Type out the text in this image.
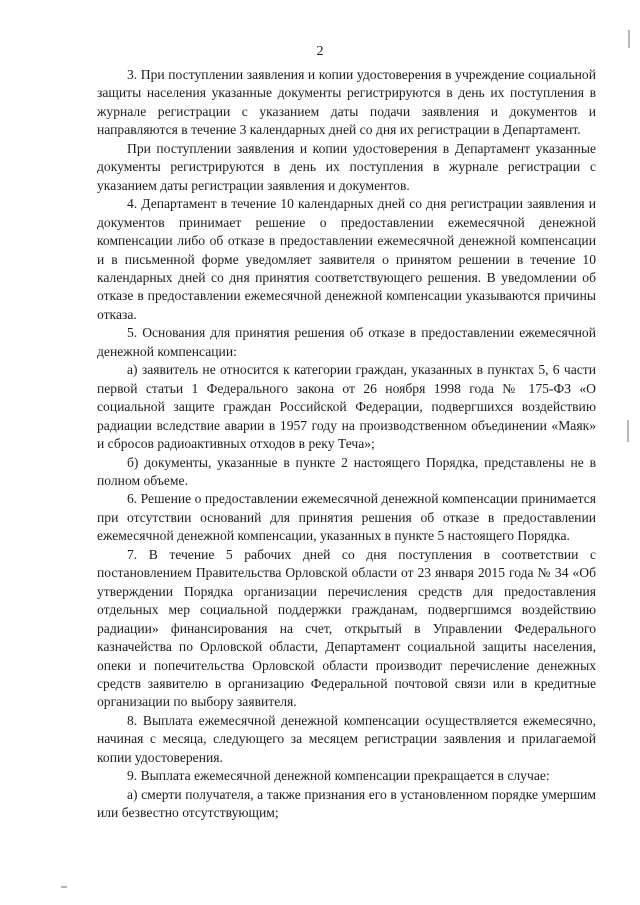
2

3. При поступлении заявления и копии удостоверения в учреждение социальной защиты населения указанные документы регистрируются в день их поступления в журнале регистрации с указанием даты подачи заявления и документов и направляются в течение 3 календарных дней со дня их регистрации в Департамент.

При поступлении заявления и копии удостоверения в Департамент указанные документы регистрируются в день их поступления в журнале регистрации с указанием даты регистрации заявления и документов.

4. Департамент в течение 10 календарных дней со дня регистрации заявления и документов принимает решение о предоставлении ежемесячной денежной компенсации либо об отказе в предоставлении ежемесячной денежной компенсации и в письменной форме уведомляет заявителя о принятом решении в течение 10 календарных дней со дня принятия соответствующего решения. В уведомлении об отказе в предоставлении ежемесячной денежной компенсации указываются причины отказа.

5. Основания для принятия решения об отказе в предоставлении ежемесячной денежной компенсации:

а) заявитель не относится к категории граждан, указанных в пунктах 5, 6 части первой статьи 1 Федерального закона от 26 ноября 1998 года № 175-ФЗ «О социальной защите граждан Российской Федерации, подвергшихся воздействию радиации вследствие аварии в 1957 году на производственном объединении «Маяк» и сбросов радиоактивных отходов в реку Теча»;

б) документы, указанные в пункте 2 настоящего Порядка, представлены не в полном объеме.

6. Решение о предоставлении ежемесячной денежной компенсации принимается при отсутствии оснований для принятия решения об отказе в предоставлении ежемесячной денежной компенсации, указанных в пункте 5 настоящего Порядка.

7. В течение 5 рабочих дней со дня поступления в соответствии с постановлением Правительства Орловской области от 23 января 2015 года № 34 «Об утверждении Порядка организации перечисления средств для предоставления отдельных мер социальной поддержки гражданам, подвергшимся воздействию радиации» финансирования на счет, открытый в Управлении Федерального казначейства по Орловской области, Департамент социальной защиты населения, опеки и попечительства Орловской области производит перечисление денежных средств заявителю в организацию Федеральной почтовой связи или в кредитные организации по выбору заявителя.

8. Выплата ежемесячной денежной компенсации осуществляется ежемесячно, начиная с месяца, следующего за месяцем регистрации заявления и прилагаемой копии удостоверения.

9. Выплата ежемесячной денежной компенсации прекращается в случае:

а) смерти получателя, а также признания его в установленном порядке умершим или безвестно отсутствующим;
